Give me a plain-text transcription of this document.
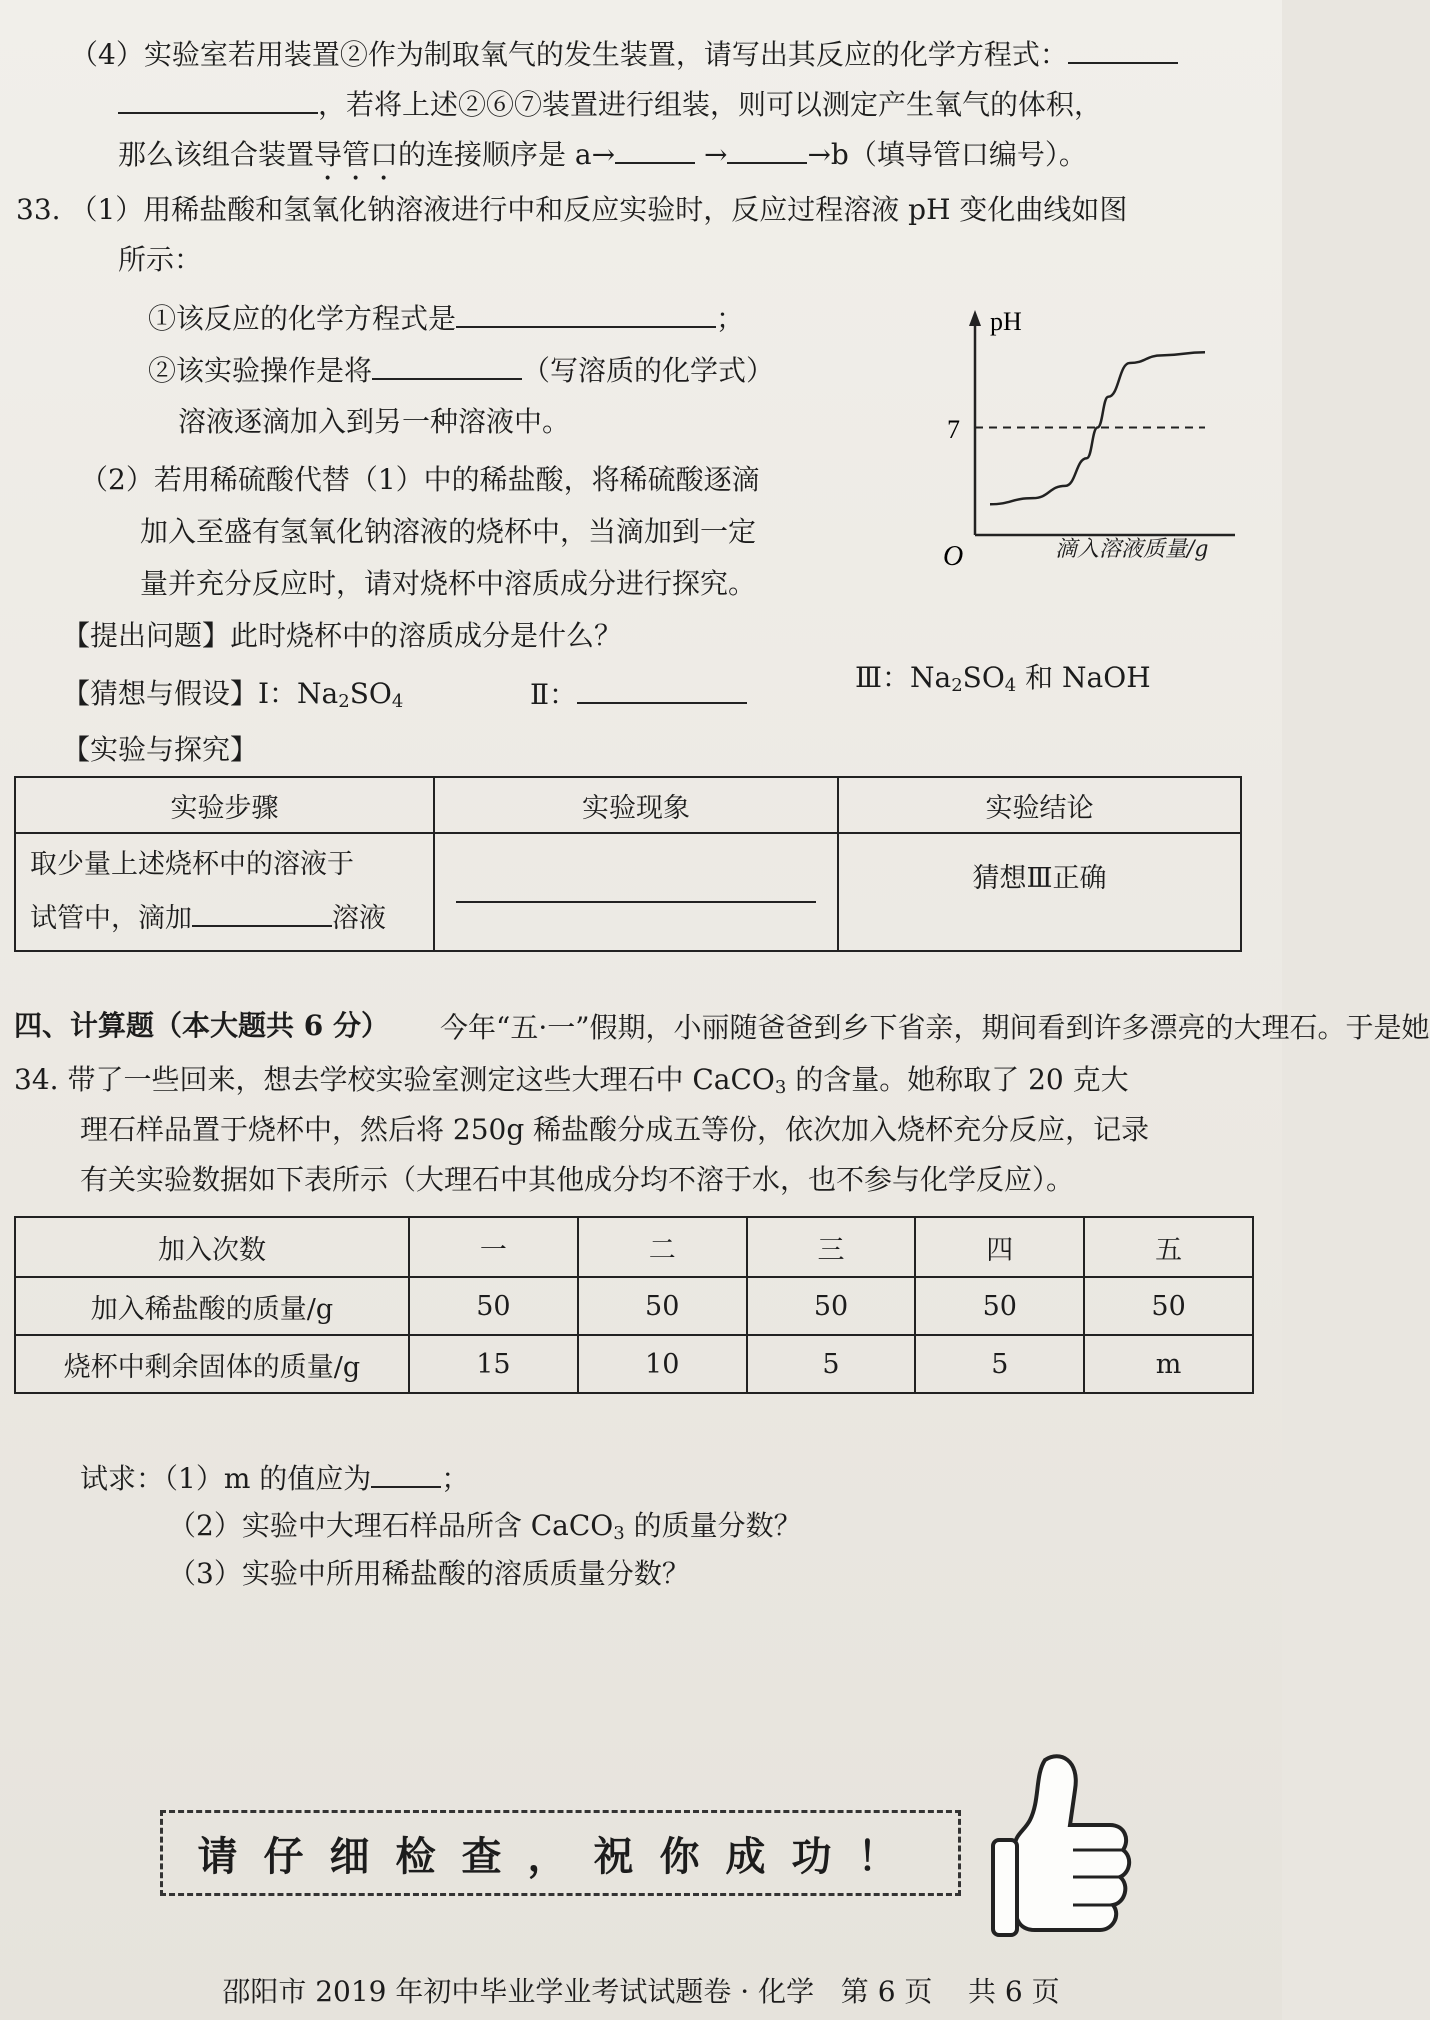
（4）实验室若用装置②作为制取氧气的发生装置，请写出其反应的化学方程式：
，若将上述②⑥⑦装置进行组装，则可以测定产生氧气的体积，
那么该组合装置导管口的连接顺序是 a→	→	→b（填导管口编号）。
33. （1）用稀盐酸和氢氧化钠溶液进行中和反应实验时，反应过程溶液 pH 变化曲线如图
所示：
①该反应的化学方程式是	；
②该实验操作是将	（写溶质的化学式）
溶液逐滴加入到另一种溶液中。
（2）若用稀硫酸代替（1）中的稀盐酸，将稀硫酸逐滴
加入至盛有氢氧化钠溶液的烧杯中，当滴加到一定
量并充分反应时，请对烧杯中溶质成分进行探究。
pH
O
7
滴入溶液质量/g
【提出问题】此时烧杯中的溶质成分是什么？
【猜想与假设】Ⅰ：$Na_2SO_4$	Ⅱ：
Ⅲ：$Na_2SO_4$ 和 NaOH
【实验与探究】
实验步骤	实验现象	实验结论
取少量上述烧杯中的溶液于
试管中，滴加 溶液		猜想Ⅲ正确
四、计算题（本大题共 6 分）	今年“五·一”假期，小丽随爸爸到乡下省亲，期间看到许多漂亮的大理石。于是她
34. 带了一些回来，想去学校实验室测定这些大理石中 CaCO$_3$ 的含量。她称取了 20 克大
理石样品置于烧杯中，然后将 250g 稀盐酸分成五等份，依次加入烧杯充分反应，记录
有关实验数据如下表所示（大理石中其他成分均不溶于水，也不参与化学反应）。
加入次数	一	二	三	四	五
加入稀盐酸的质量/g	50	50	50	50	50
烧杯中剩余固体的质量/g	15	10	5	5	m
试求：（1）m 的值应为	；
（2）实验中大理石样品所含 CaCO$_3$ 的质量分数？
（3）实验中所用稀盐酸的溶质质量分数？
请仔细检查，祝你成功！
邵阳市 2019 年初中毕业学业考试试题卷 · 化学 第 6 页 共 6 页
